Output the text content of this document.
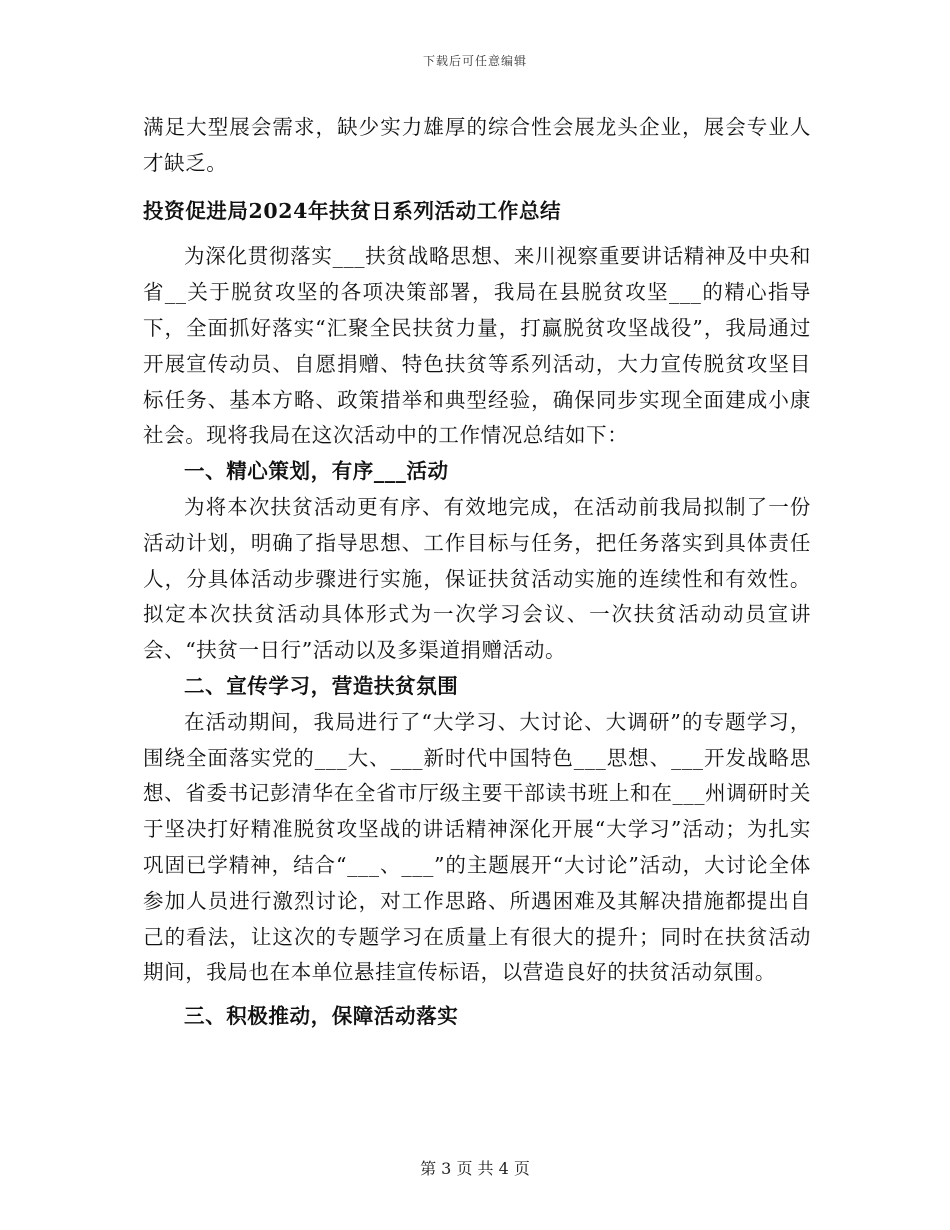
下载后可任意编辑

满足大型展会需求，缺少实力雄厚的综合性会展龙头企业，展会专业人才缺乏。

投资促进局2024年扶贫日系列活动工作总结

为深化贯彻落实___扶贫战略思想、来川视察重要讲话精神及中央和省__关于脱贫攻坚的各项决策部署，我局在县脱贫攻坚___的精心指导下，全面抓好落实“汇聚全民扶贫力量，打赢脱贫攻坚战役”，我局通过开展宣传动员、自愿捐赠、特色扶贫等系列活动，大力宣传脱贫攻坚目标任务、基本方略、政策措举和典型经验，确保同步实现全面建成小康社会。现将我局在这次活动中的工作情况总结如下：

一、精心策划，有序___活动

为将本次扶贫活动更有序、有效地完成，在活动前我局拟制了一份活动计划，明确了指导思想、工作目标与任务，把任务落实到具体责任人，分具体活动步骤进行实施，保证扶贫活动实施的连续性和有效性。拟定本次扶贫活动具体形式为一次学习会议、一次扶贫活动动员宣讲会、“扶贫一日行”活动以及多渠道捐赠活动。

二、宣传学习，营造扶贫氛围

在活动期间，我局进行了“大学习、大讨论、大调研”的专题学习，围绕全面落实党的___大、___新时代中国特色___思想、___开发战略思想、省委书记彭清华在全省市厅级主要干部读书班上和在___州调研时关于坚决打好精准脱贫攻坚战的讲话精神深化开展“大学习”活动；为扎实巩固已学精神，结合“___、___”的主题展开“大讨论”活动，大讨论全体参加人员进行激烈讨论，对工作思路、所遇困难及其解决措施都提出自己的看法，让这次的专题学习在质量上有很大的提升；同时在扶贫活动期间，我局也在本单位悬挂宣传标语，以营造良好的扶贫活动氛围。

三、积极推动，保障活动落实

第 3 页 共 4 页
